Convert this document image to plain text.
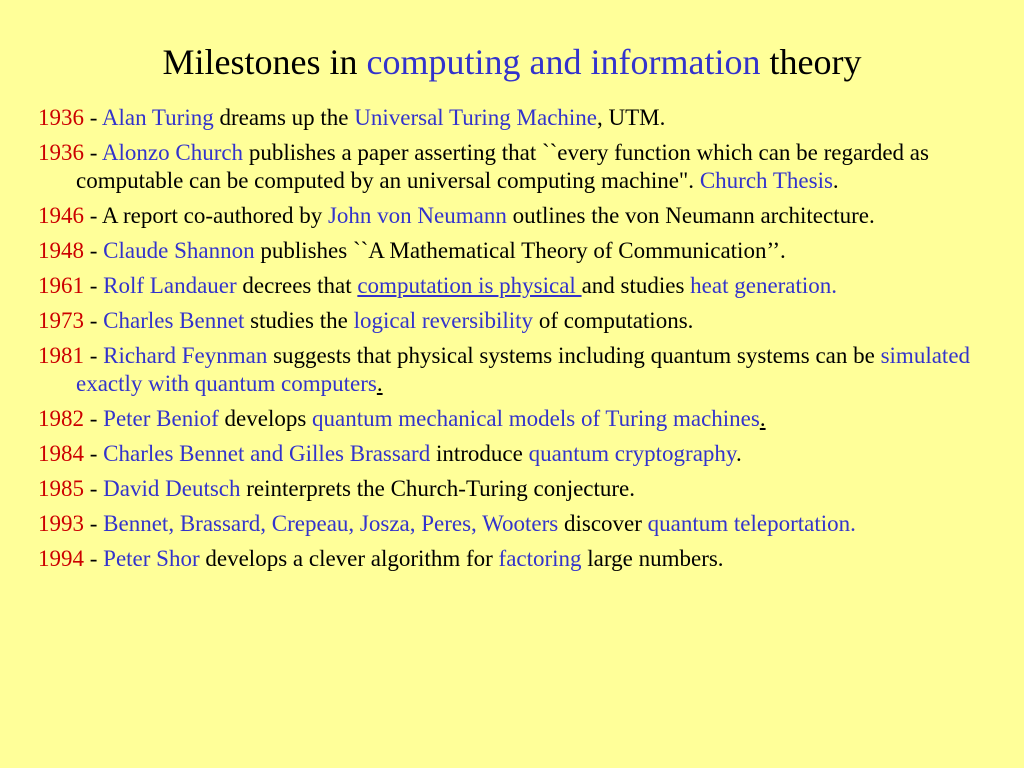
Milestones in computing and information theory
1936 - Alan Turing dreams up the Universal Turing Machine, UTM.
1936 - Alonzo Church publishes a paper asserting that ``every function which can be regarded as computable can be computed by an universal computing machine". Church Thesis.
1946 - A report co-authored by John von Neumann outlines the von Neumann architecture.
1948 - Claude Shannon publishes ``A Mathematical Theory of Communication’’.
1961 - Rolf Landauer decrees that computation is physical and studies heat generation.
1973 - Charles Bennet studies the logical reversibility of computations.
1981 - Richard Feynman suggests that physical systems including quantum systems can be simulated exactly with quantum computers.
1982 - Peter Beniof develops quantum mechanical models of Turing machines.
1984 - Charles Bennet and Gilles Brassard introduce quantum cryptography.
1985 - David Deutsch reinterprets the Church-Turing conjecture.
1993 - Bennet, Brassard, Crepeau, Josza, Peres, Wooters discover quantum teleportation.
1994 - Peter Shor develops a clever algorithm for factoring large numbers.
